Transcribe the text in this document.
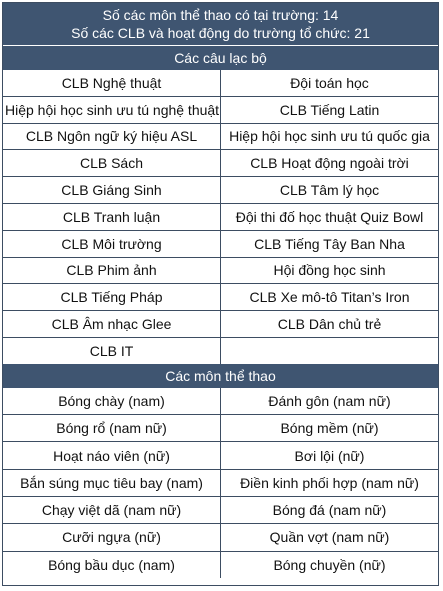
Số các môn thể thao có tại trường: 14
Số các CLB và hoạt động do trường tổ chức: 21
Các câu lạc bộ
CLB Nghệ thuật	Đội toán học
Hiệp hội học sinh ưu tú nghệ thuật	CLB Tiếng Latin
CLB Ngôn ngữ ký hiệu ASL	Hiệp hội học sinh ưu tú quốc gia
CLB Sách	CLB Hoạt động ngoài trời
CLB Giáng Sinh	CLB Tâm lý học
CLB Tranh luận	Đội thi đố học thuật Quiz Bowl
CLB Môi trường	CLB Tiếng Tây Ban Nha
CLB Phim ảnh	Hội đồng học sinh
CLB Tiếng Pháp	CLB Xe mô-tô Titan’s Iron
CLB Âm nhạc Glee	CLB Dân chủ trẻ
CLB IT	
Các môn thể thao
Bóng chày (nam)	Đánh gôn (nam nữ)
Bóng rổ (nam nữ)	Bóng mềm (nữ)
Hoạt náo viên (nữ)	Bơi lội (nữ)
Bắn súng mục tiêu bay (nam)	Điền kinh phối hợp (nam nữ)
Chạy việt dã (nam nữ)	Bóng đá (nam nữ)
Cưỡi ngựa (nữ)	Quần vợt (nam nữ)
Bóng bầu dục (nam)	Bóng chuyền (nữ)
